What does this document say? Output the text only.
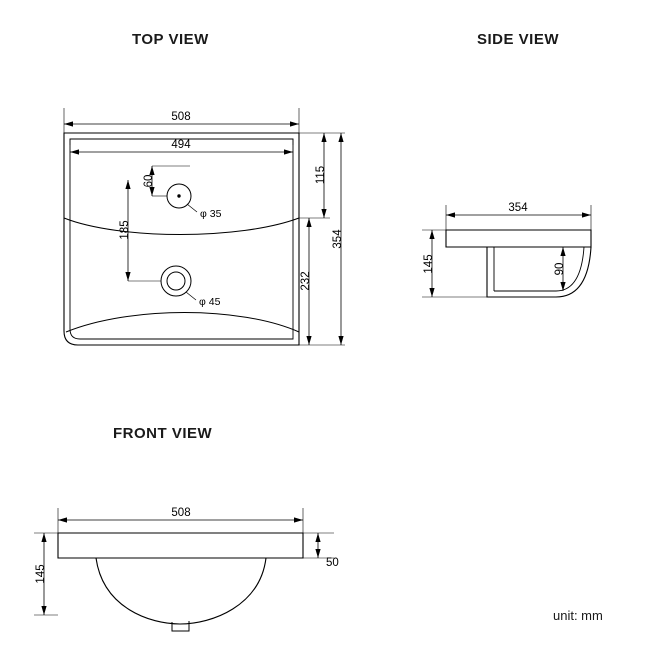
TOP VIEW	SIDE VIEW
FRONT VIEW
unit: mm
508
494
354
115
232
60
185
φ 35
φ 45
354
145	90
508
145
50
